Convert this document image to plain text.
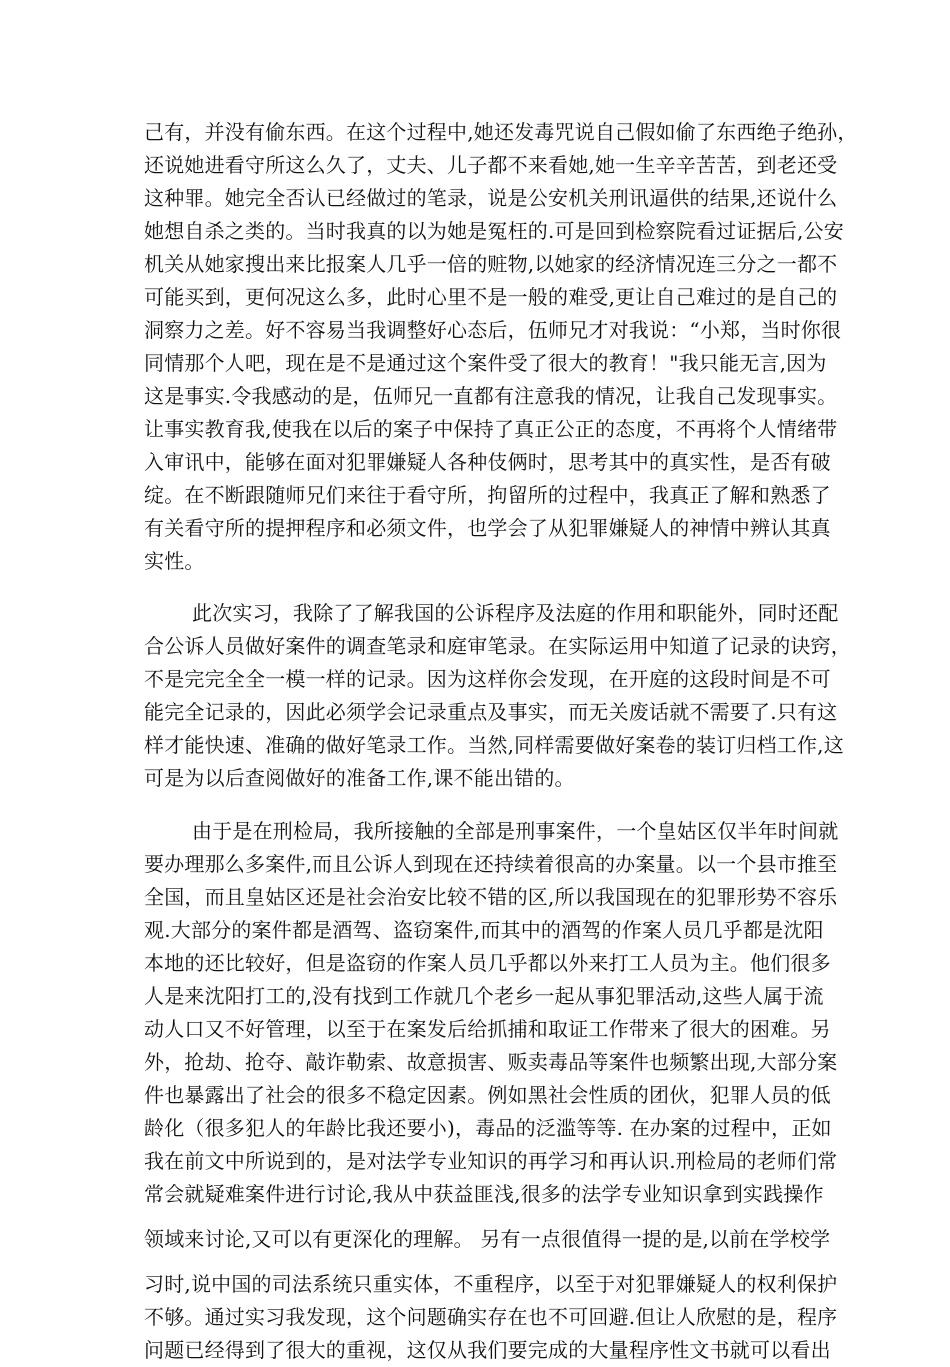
己有，并没有偷东西。在这个过程中,她还发毒咒说自己假如偷了东西绝子绝孙，
还说她进看守所这么久了，丈夫、儿子都不来看她,她一生辛辛苦苦，到老还受
这种罪。她完全否认已经做过的笔录，说是公安机关刑讯逼供的结果,还说什么
她想自杀之类的。当时我真的以为她是冤枉的.可是回到检察院看过证据后,公安
机关从她家搜出来比报案人几乎一倍的赃物,以她家的经济情况连三分之一都不
可能买到，更何况这么多，此时心里不是一般的难受,更让自己难过的是自己的
洞察力之差。好不容易当我调整好心态后，伍师兄才对我说：“小郑，当时你很
同情那个人吧，现在是不是通过这个案件受了很大的教育！"我只能无言,因为
这是事实.令我感动的是，伍师兄一直都有注意我的情况，让我自己发现事实。
让事实教育我,使我在以后的案子中保持了真正公正的态度，不再将个人情绪带
入审讯中，能够在面对犯罪嫌疑人各种伎俩时，思考其中的真实性，是否有破
绽。在不断跟随师兄们来往于看守所，拘留所的过程中，我真正了解和熟悉了
有关看守所的提押程序和必须文件，也学会了从犯罪嫌疑人的神情中辨认其真
实性。
此次实习，我除了了解我国的公诉程序及法庭的作用和职能外，同时还配
合公诉人员做好案件的调查笔录和庭审笔录。在实际运用中知道了记录的诀窍，
不是完完全全一模一样的记录。因为这样你会发现，在开庭的这段时间是不可
能完全记录的，因此必须学会记录重点及事实，而无关废话就不需要了.只有这
样才能快速、准确的做好笔录工作。当然,同样需要做好案卷的装订归档工作,这
可是为以后查阅做好的准备工作,课不能出错的。
由于是在刑检局，我所接触的全部是刑事案件，一个皇姑区仅半年时间就
要办理那么多案件,而且公诉人到现在还持续着很高的办案量。以一个县市推至
全国，而且皇姑区还是社会治安比较不错的区,所以我国现在的犯罪形势不容乐
观.大部分的案件都是酒驾、盗窃案件,而其中的酒驾的作案人员几乎都是沈阳
本地的还比较好，但是盗窃的作案人员几乎都以外来打工人员为主。他们很多
人是来沈阳打工的,没有找到工作就几个老乡一起从事犯罪活动,这些人属于流
动人口又不好管理，以至于在案发后给抓捕和取证工作带来了很大的困难。另
外，抢劫、抢夺、敲诈勒索、故意损害、贩卖毒品等案件也频繁出现,大部分案
件也暴露出了社会的很多不稳定因素。例如黑社会性质的团伙，犯罪人员的低
龄化（很多犯人的年龄比我还要小)，毒品的泛滥等等. 在办案的过程中，正如
我在前文中所说到的，是对法学专业知识的再学习和再认识.刑检局的老师们常
常会就疑难案件进行讨论,我从中获益匪浅,很多的法学专业知识拿到实践操作
领域来讨论,又可以有更深化的理解。 另有一点很值得一提的是,以前在学校学
习时,说中国的司法系统只重实体，不重程序，以至于对犯罪嫌疑人的权利保护
不够。通过实习我发现，这个问题确实存在也不可回避.但让人欣慰的是，程序
问题已经得到了很大的重视，这仅从我们要完成的大量程序性文书就可以看出
